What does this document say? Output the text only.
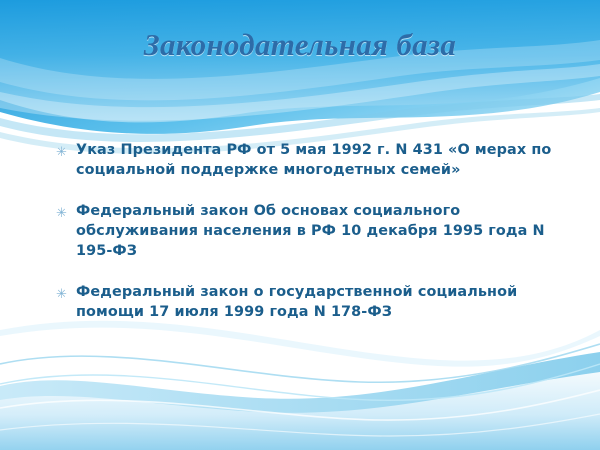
Законодательная база
✳ Указ Президента РФ от 5 мая 1992 г. N 431 «О мерах по социальной поддержке многодетных семей»
✳ Федеральный закон Об основах социального обслуживания населения в РФ 10 декабря 1995 года N 195-ФЗ
✳ Федеральный закон о государственной социальной помощи 17 июля 1999 года N 178-ФЗ
